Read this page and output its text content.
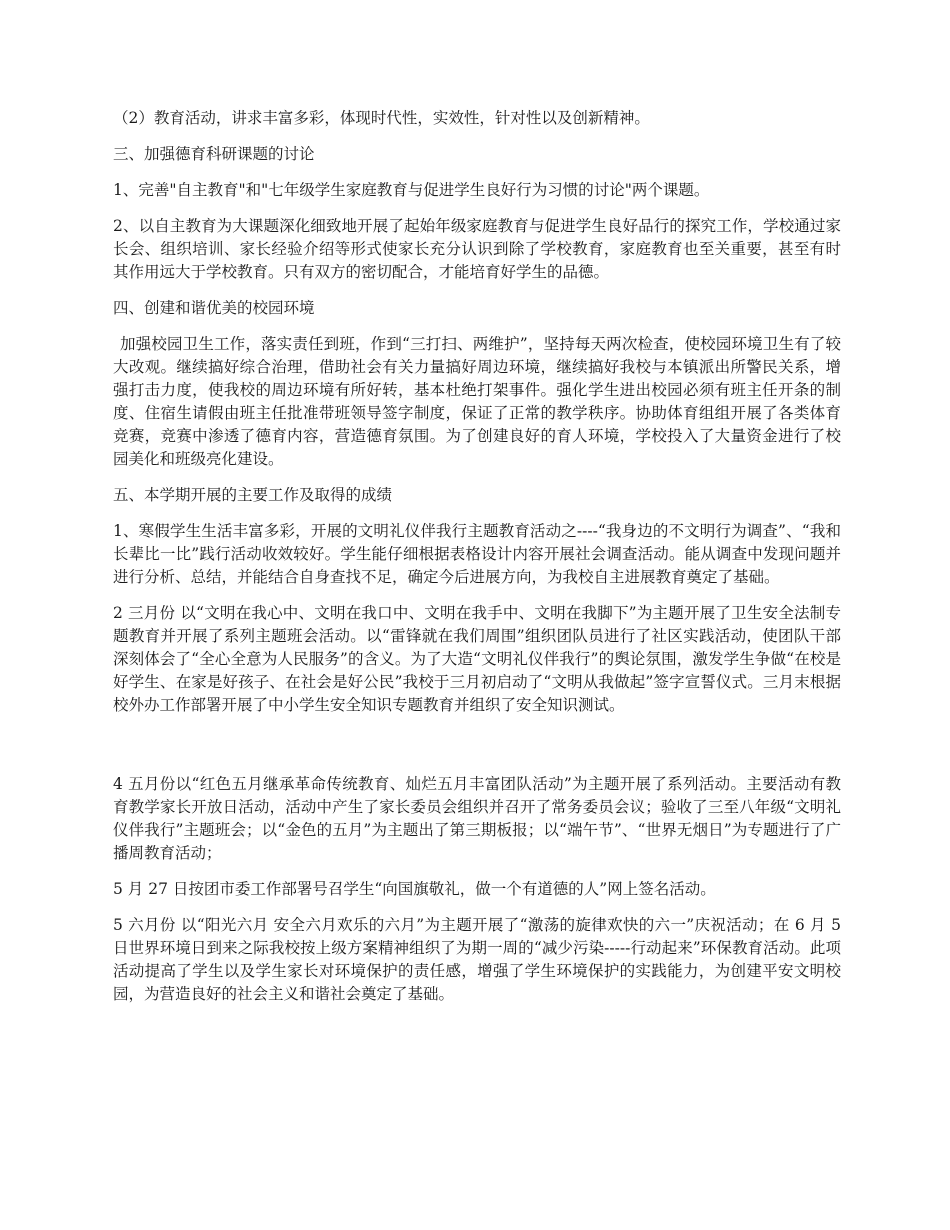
（2）教育活动，讲求丰富多彩，体现时代性，实效性，针对性以及创新精神。

三、加强德育科研课题的讨论

1、完善"自主教育"和"七年级学生家庭教育与促进学生良好行为习惯的讨论"两个课题。

2、以自主教育为大课题深化细致地开展了起始年级家庭教育与促进学生良好品行的探究工作，学校通过家长会、组织培训、家长经验介绍等形式使家长充分认识到除了学校教育，家庭教育也至关重要，甚至有时其作用远大于学校教育。只有双方的密切配合，才能培育好学生的品德。

四、创建和谐优美的校园环境

加强校园卫生工作，落实责任到班，作到“三打扫、两维护”，坚持每天两次检查，使校园环境卫生有了较大改观。继续搞好综合治理，借助社会有关力量搞好周边环境，继续搞好我校与本镇派出所警民关系，增强打击力度，使我校的周边环境有所好转，基本杜绝打架事件。强化学生进出校园必须有班主任开条的制度、住宿生请假由班主任批准带班领导签字制度，保证了正常的教学秩序。协助体育组组开展了各类体育竞赛，竞赛中渗透了德育内容，营造德育氛围。为了创建良好的育人环境，学校投入了大量资金进行了校园美化和班级亮化建设。

五、本学期开展的主要工作及取得的成绩

1、寒假学生生活丰富多彩，开展的文明礼仪伴我行主题教育活动之----“我身边的不文明行为调查”、“我和长辈比一比”践行活动收效较好。学生能仔细根据表格设计内容开展社会调查活动。能从调查中发现问题并进行分析、总结，并能结合自身查找不足，确定今后进展方向，为我校自主进展教育奠定了基础。

2 三月份 以“文明在我心中、文明在我口中、文明在我手中、文明在我脚下”为主题开展了卫生安全法制专题教育并开展了系列主题班会活动。以“雷锋就在我们周围”组织团队员进行了社区实践活动，使团队干部深刻体会了“全心全意为人民服务”的含义。为了大造“文明礼仪伴我行”的舆论氛围，激发学生争做“在校是好学生、在家是好孩子、在社会是好公民”我校于三月初启动了“文明从我做起”签字宣誓仪式。三月末根据校外办工作部署开展了中小学生安全知识专题教育并组织了安全知识测试。

4 五月份以“红色五月继承革命传统教育、灿烂五月丰富团队活动”为主题开展了系列活动。主要活动有教育教学家长开放日活动，活动中产生了家长委员会组织并召开了常务委员会议；验收了三至八年级“文明礼仪伴我行”主题班会；以“金色的五月”为主题出了第三期板报；以“端午节”、“世界无烟日”为专题进行了广播周教育活动；

5 月 27 日按团市委工作部署号召学生“向国旗敬礼，做一个有道德的人”网上签名活动。

5 六月份 以“阳光六月 安全六月欢乐的六月”为主题开展了“激荡的旋律欢快的六一”庆祝活动；在 6 月 5 日世界环境日到来之际我校按上级方案精神组织了为期一周的“减少污染-----行动起来”环保教育活动。此项活动提高了学生以及学生家长对环境保护的责任感，增强了学生环境保护的实践能力，为创建平安文明校园，为营造良好的社会主义和谐社会奠定了基础。
